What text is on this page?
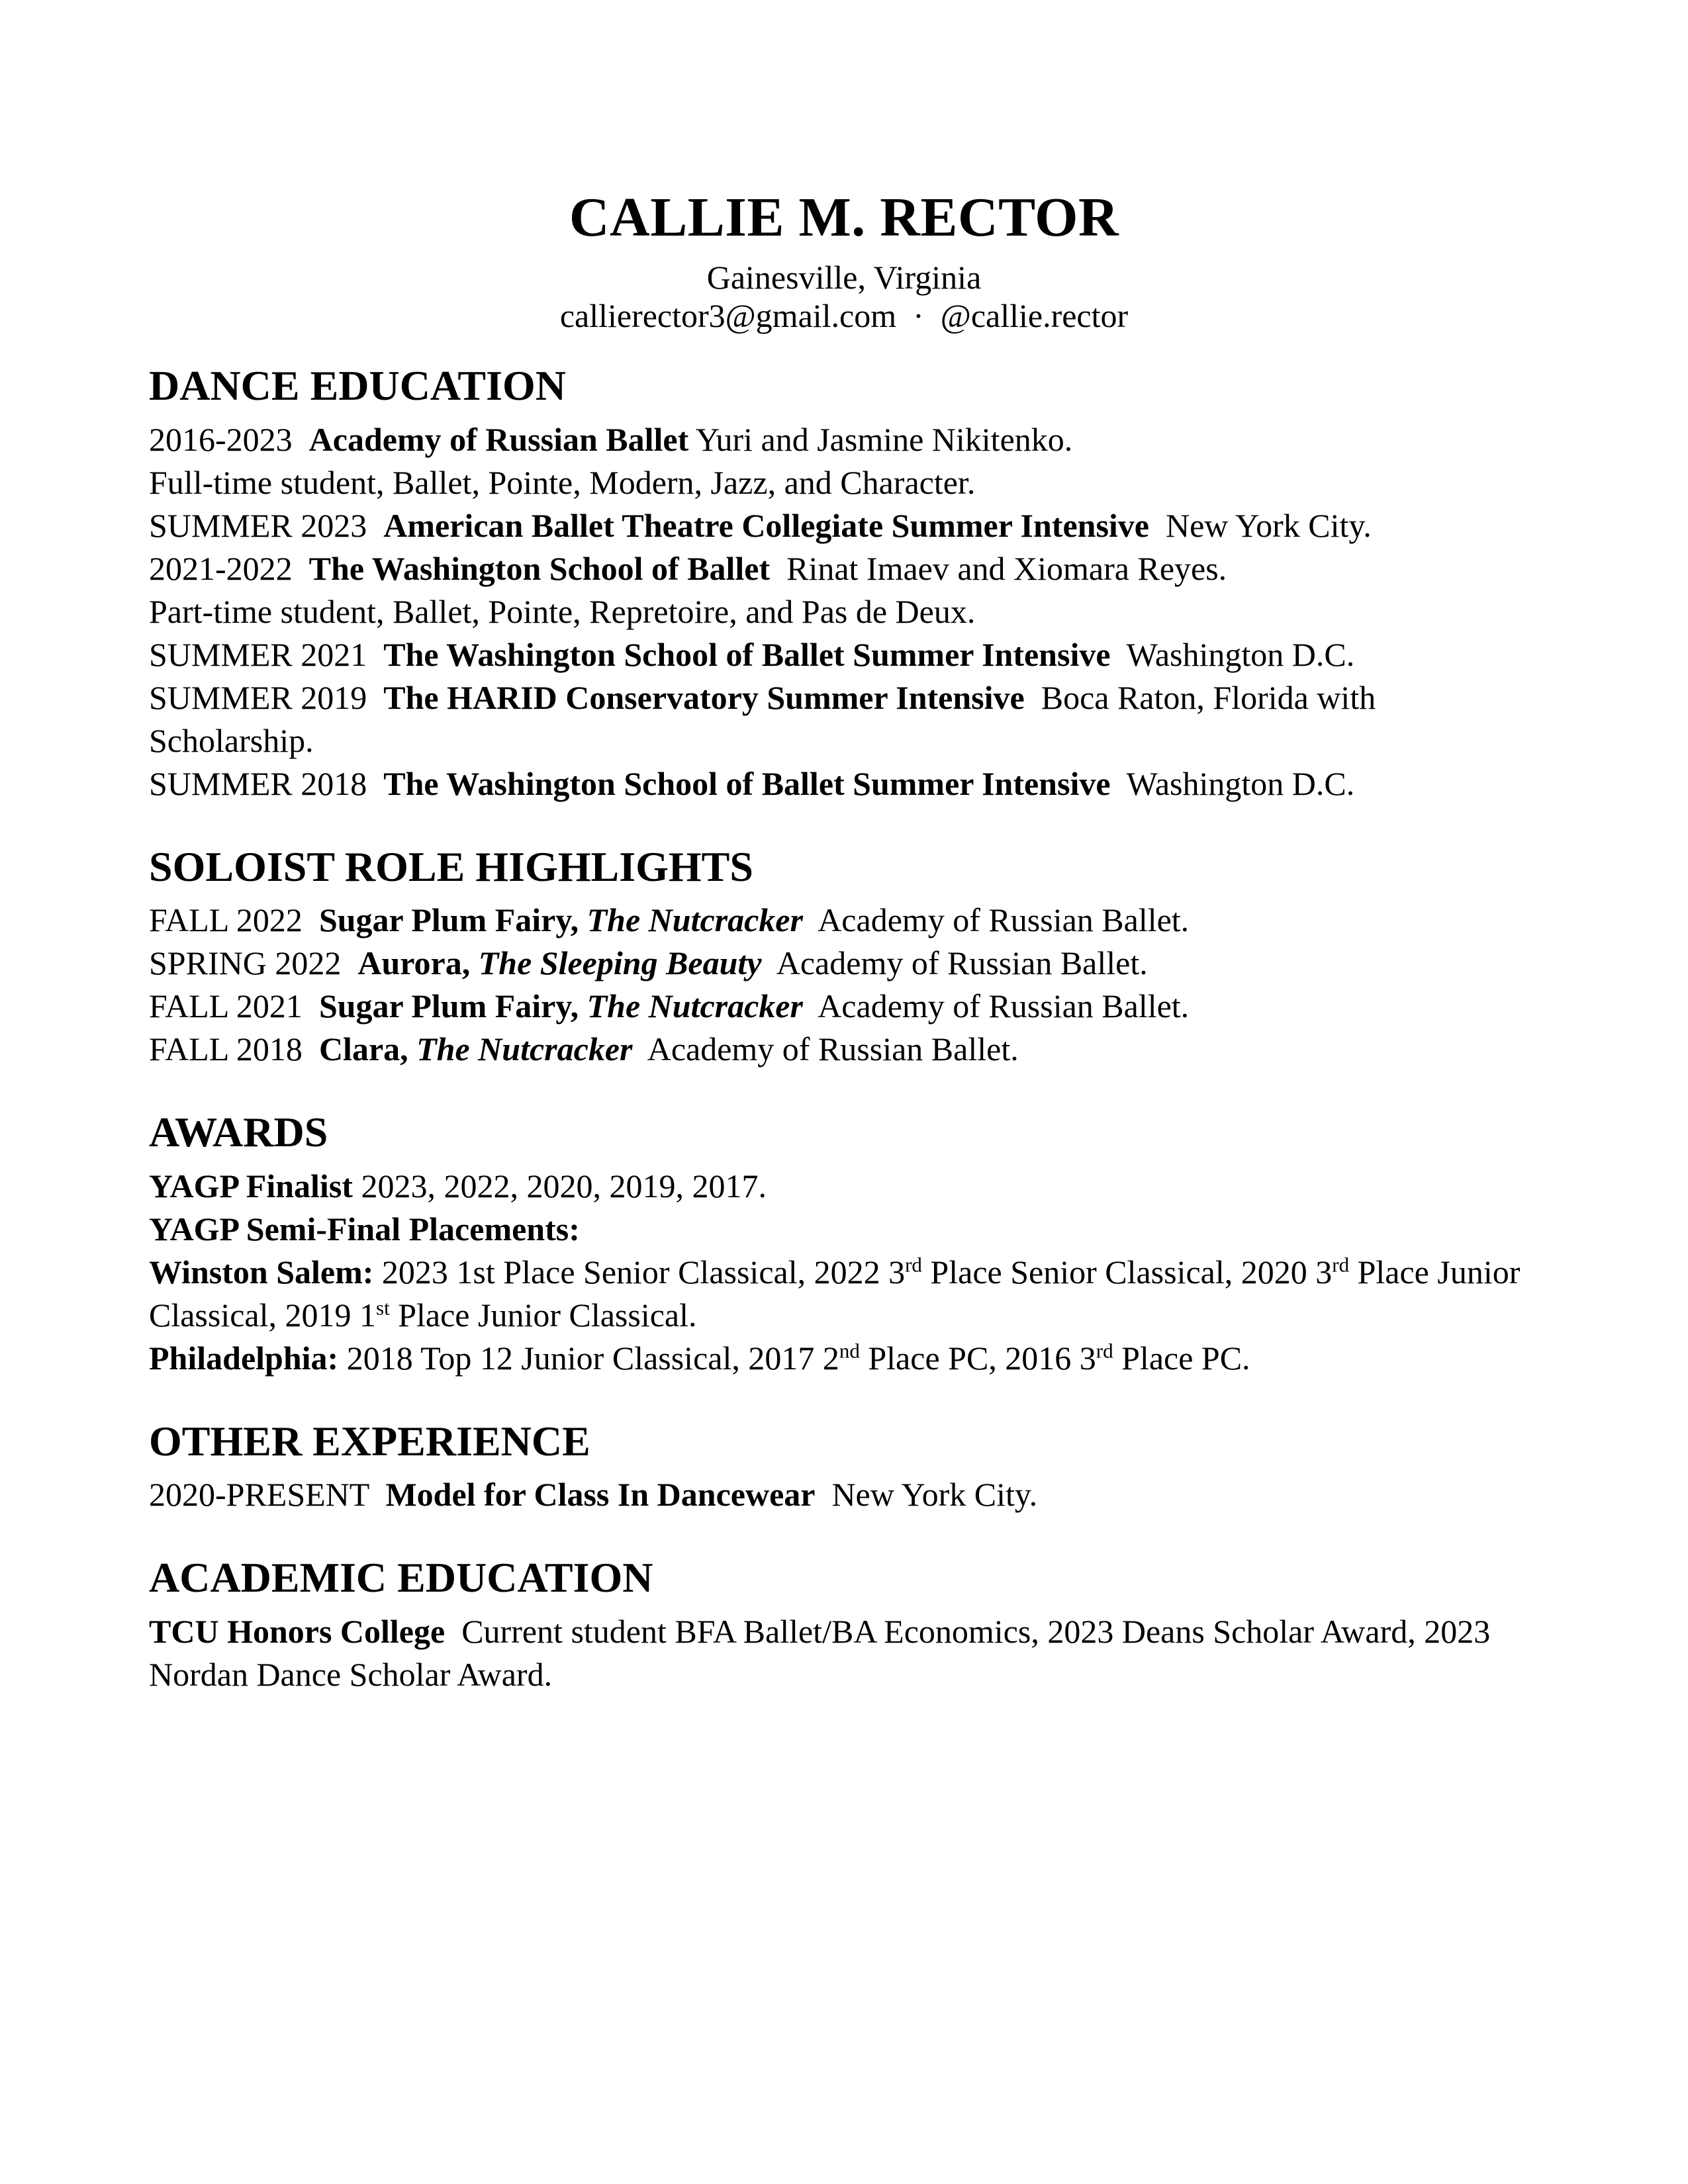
CALLIE M. RECTOR

Gainesville, Virginia

callierector3@gmail.com  ·  @callie.rector

DANCE EDUCATION

2016-2023  Academy of Russian Ballet Yuri and Jasmine Nikitenko.

Full-time student, Ballet, Pointe, Modern, Jazz, and Character.

SUMMER 2023  American Ballet Theatre Collegiate Summer Intensive  New York City.

2021-2022  The Washington School of Ballet  Rinat Imaev and Xiomara Reyes.

Part-time student, Ballet, Pointe, Repretoire, and Pas de Deux.

SUMMER 2021  The Washington School of Ballet Summer Intensive  Washington D.C.

SUMMER 2019  The HARID Conservatory Summer Intensive  Boca Raton, Florida with Scholarship.

SUMMER 2018  The Washington School of Ballet Summer Intensive  Washington D.C.

SOLOIST ROLE HIGHLIGHTS

FALL 2022  Sugar Plum Fairy, The Nutcracker  Academy of Russian Ballet.

SPRING 2022  Aurora, The Sleeping Beauty  Academy of Russian Ballet.

FALL 2021  Sugar Plum Fairy, The Nutcracker  Academy of Russian Ballet.

FALL 2018  Clara, The Nutcracker  Academy of Russian Ballet.

AWARDS

YAGP Finalist 2023, 2022, 2020, 2019, 2017.

YAGP Semi-Final Placements:

Winston Salem: 2023 1st Place Senior Classical, 2022 3rd Place Senior Classical, 2020 3rd Place Junior Classical, 2019 1st Place Junior Classical.

Philadelphia: 2018 Top 12 Junior Classical, 2017 2nd Place PC, 2016 3rd Place PC.

OTHER EXPERIENCE

2020-PRESENT  Model for Class In Dancewear  New York City.

ACADEMIC EDUCATION

TCU Honors College  Current student BFA Ballet/BA Economics, 2023 Deans Scholar Award, 2023 Nordan Dance Scholar Award.
